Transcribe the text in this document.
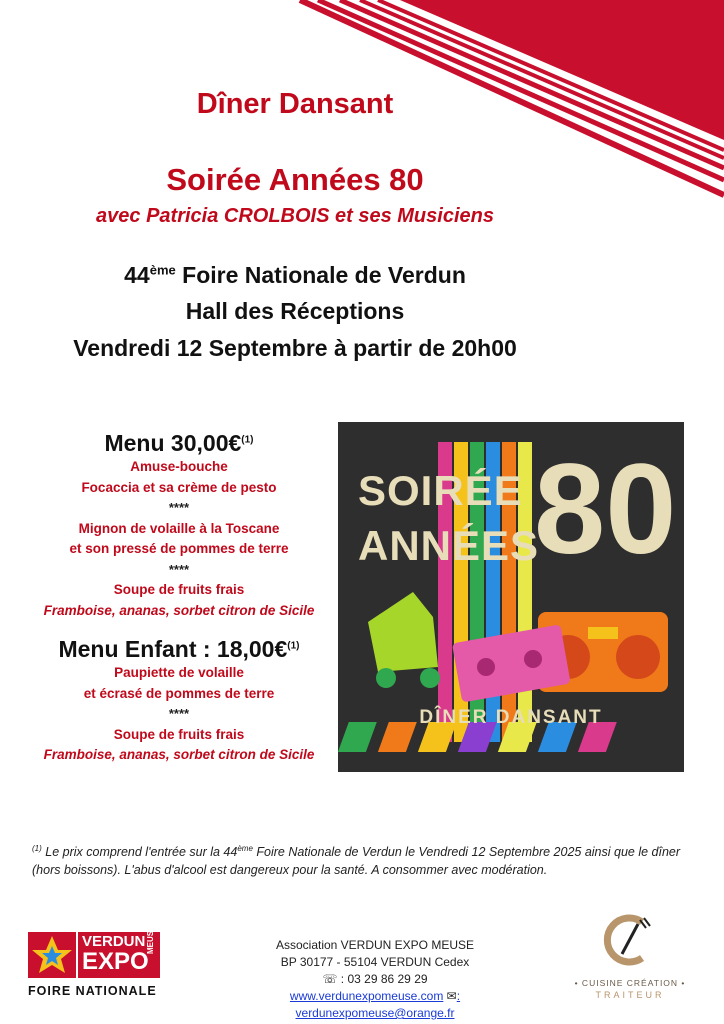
Dîner Dansant
Soirée Années 80
avec Patricia CROLBOIS et ses Musiciens
44ème Foire Nationale de Verdun
Hall des Réceptions
Vendredi 12 Septembre à partir de 20h00
Menu 30,00€$^{(1)}$
Amuse-bouche
Focaccia et sa crème de pesto
****
Mignon de volaille à la Toscane
et son pressé de pommes de terre
****
Soupe de fruits frais
Framboise, ananas, sorbet citron de Sicile
Menu Enfant : 18,00€$^{(1)}$
Paupiette de volaille
et écrasé de pommes de terre
****
Soupe de fruits frais
Framboise, ananas, sorbet citron de Sicile
SOIRÉE
ANNÉES
80
DÎNER DANSANT
$^{(1)}$ Le prix comprend l'entrée sur la 44ème Foire Nationale de Verdun le Vendredi 12 Septembre 2025 ainsi que le dîner (hors boissons). L'abus d'alcool est dangereux pour la santé. A consommer avec modération.
VERDUN
EXPO
MEUSE
FOIRE NATIONALE
Association VERDUN EXPO MEUSE
BP 30177 - 55104 VERDUN Cedex
☏ : 03 29 86 29 29
www.verdunexpomeuse.com ✉: verdunexpomeuse@orange.fr
• CUISINE CRÉATION •
TRAITEUR
